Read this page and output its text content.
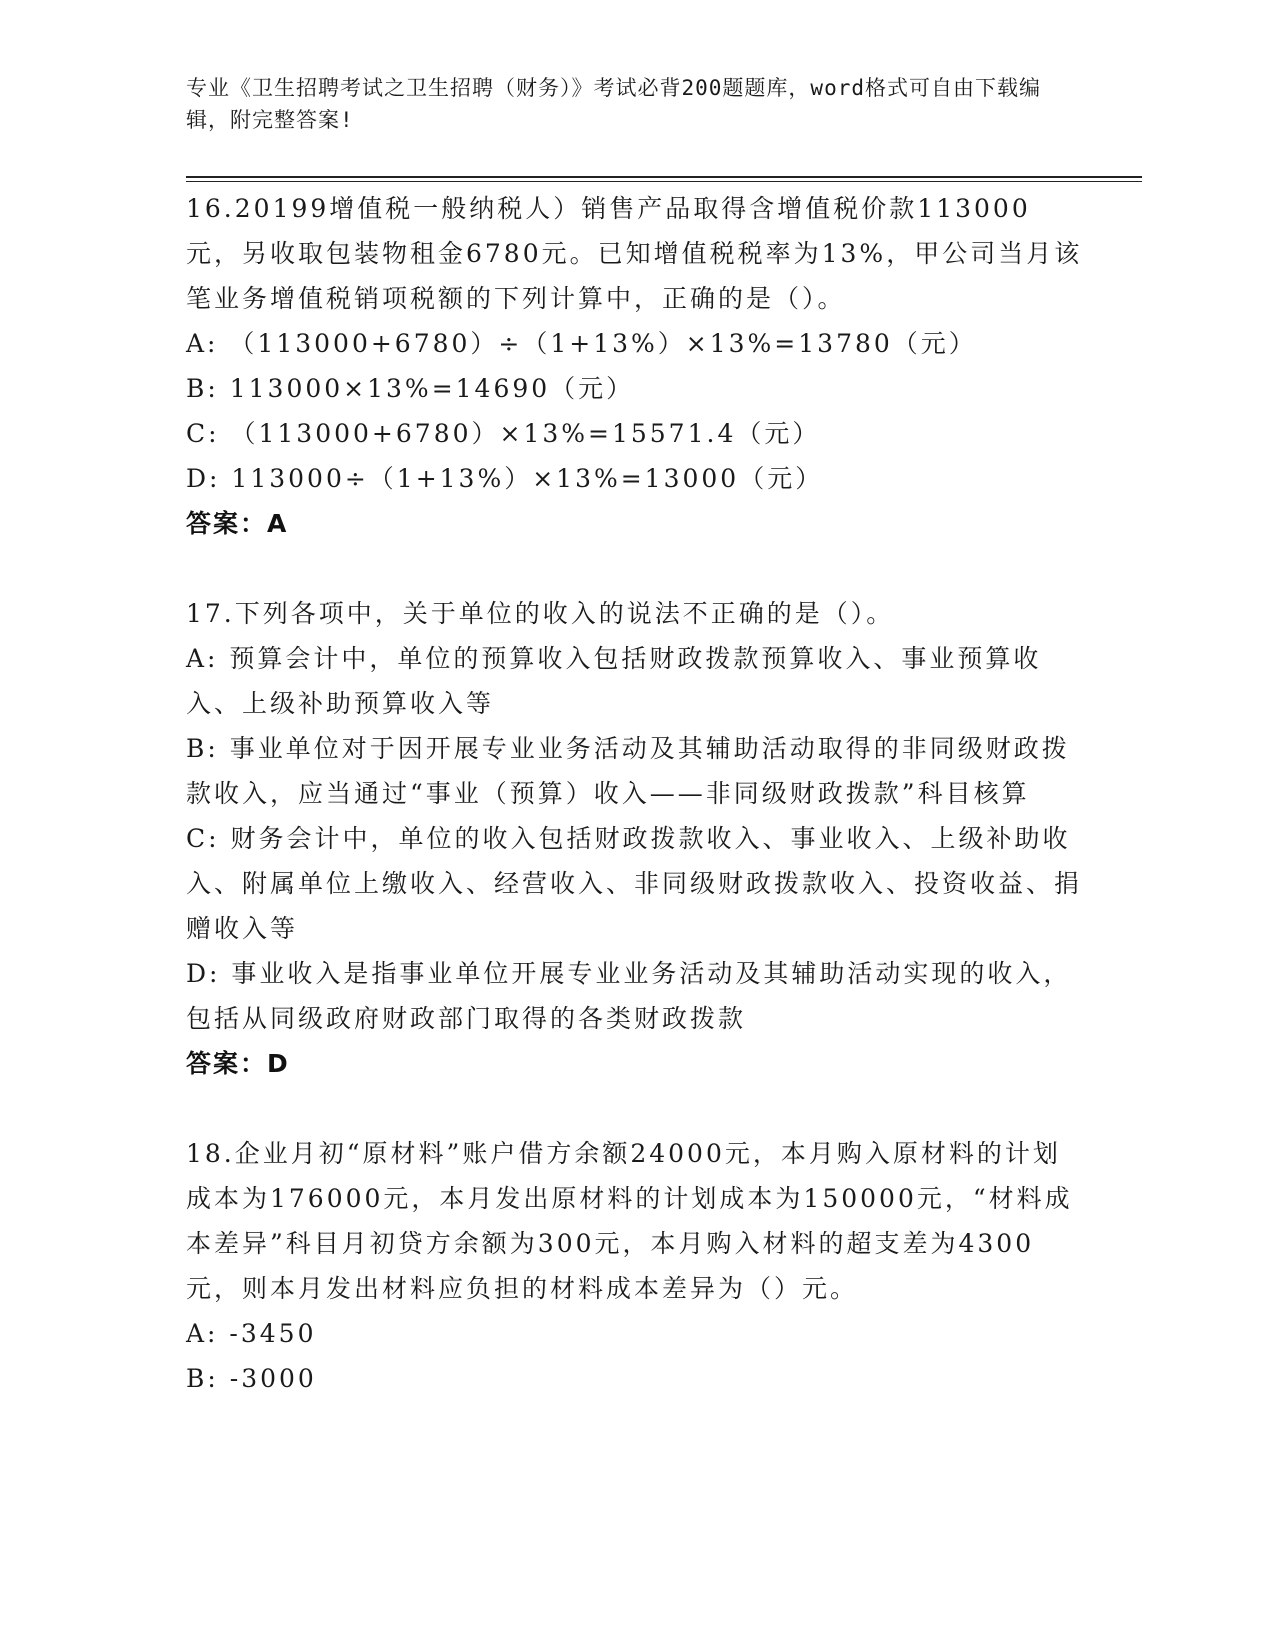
专业《卫生招聘考试之卫生招聘（财务）》考试必背200题题库，word格式可自由下载编辑，附完整答案!

16.20199增值税一般纳税人）销售产品取得含增值税价款113000元，另收取包装物租金6780元。已知增值税税率为13%，甲公司当月该笔业务增值税销项税额的下列计算中，正确的是（）。

A: （113000+6780）÷（1+13%）×13%=13780（元）

B: 113000×13%=14690（元）

C: （113000+6780）×13%=15571.4（元）

D: 113000÷（1+13%）×13%=13000（元）

答案：A

17.下列各项中，关于单位的收入的说法不正确的是（）。

A: 预算会计中，单位的预算收入包括财政拨款预算收入、事业预算收入、上级补助预算收入等

B: 事业单位对于因开展专业业务活动及其辅助活动取得的非同级财政拨款收入，应当通过“事业（预算）收入——非同级财政拨款”科目核算

C: 财务会计中，单位的收入包括财政拨款收入、事业收入、上级补助收入、附属单位上缴收入、经营收入、非同级财政拨款收入、投资收益、捐赠收入等

D: 事业收入是指事业单位开展专业业务活动及其辅助活动实现的收入，包括从同级政府财政部门取得的各类财政拨款

答案：D

18.企业月初“原材料”账户借方余额24000元，本月购入原材料的计划成本为176000元，本月发出原材料的计划成本为150000元，“材料成本差异”科目月初贷方余额为300元，本月购入材料的超支差为4300元，则本月发出材料应负担的材料成本差异为（）元。

A: -3450

B: -3000
